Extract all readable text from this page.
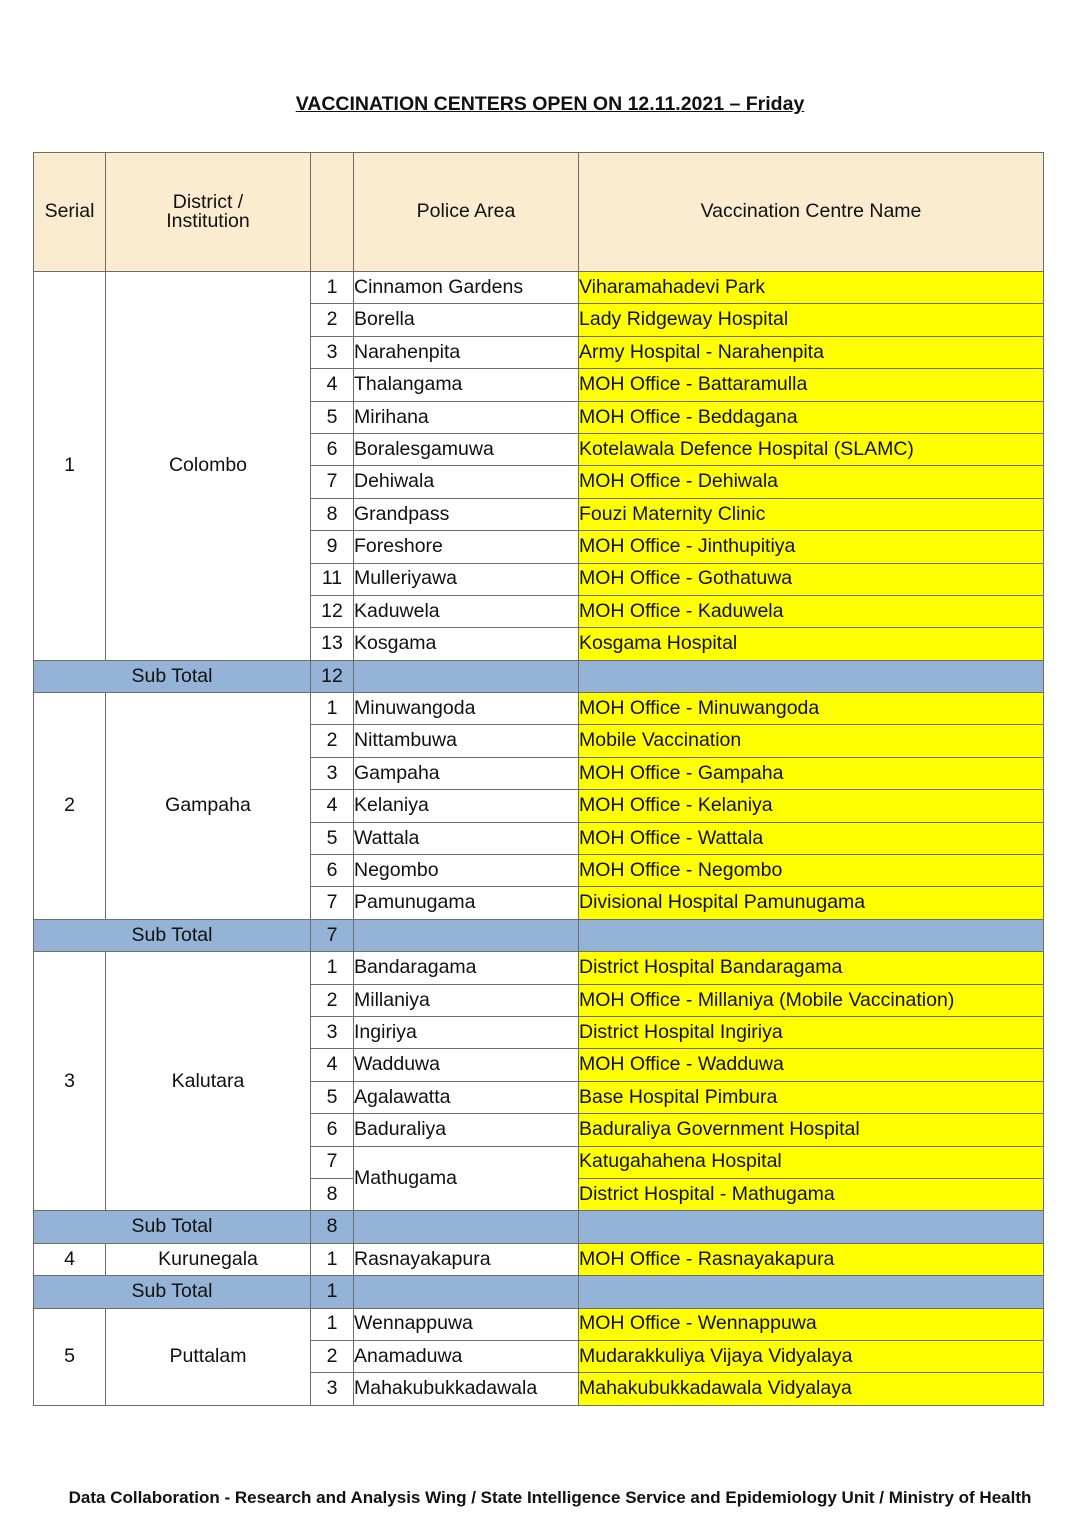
VACCINATION CENTERS OPEN ON 12.11.2021 – Friday
Serial	District /
Institution		Police Area	Vaccination Centre Name
1	Colombo	1	Cinnamon Gardens	Viharamahadevi Park
		2	Borella	Lady Ridgeway Hospital
		3	Narahenpita	Army Hospital - Narahenpita
		4	Thalangama	MOH Office - Battaramulla
		5	Mirihana	MOH Office - Beddagana
		6	Boralesgamuwa	Kotelawala Defence Hospital (SLAMC)
		7	Dehiwala	MOH Office - Dehiwala
		8	Grandpass	Fouzi Maternity Clinic
		9	Foreshore	MOH Office - Jinthupitiya
		11	Mulleriyawa	MOH Office - Gothatuwa
		12	Kaduwela	MOH Office - Kaduwela
		13	Kosgama	Kosgama Hospital
Sub Total		12		
2	Gampaha	1	Minuwangoda	MOH Office - Minuwangoda
		2	Nittambuwa	Mobile Vaccination
		3	Gampaha	MOH Office - Gampaha
		4	Kelaniya	MOH Office - Kelaniya
		5	Wattala	MOH Office - Wattala
		6	Negombo	MOH Office - Negombo
		7	Pamunugama	Divisional Hospital Pamunugama
Sub Total		7		
3	Kalutara	1	Bandaragama	District Hospital Bandaragama
		2	Millaniya	MOH Office - Millaniya (Mobile Vaccination)
		3	Ingiriya	District Hospital Ingiriya
		4	Wadduwa	MOH Office - Wadduwa
		5	Agalawatta	Base Hospital Pimbura
		6	Baduraliya	Baduraliya Government Hospital
		7	Mathugama	Katugahahena Hospital
		8		District Hospital - Mathugama
Sub Total		8		
4	Kurunegala	1	Rasnayakapura	MOH Office - Rasnayakapura
Sub Total		1		
5	Puttalam	1	Wennappuwa	MOH Office - Wennappuwa
		2	Anamaduwa	Mudarakkuliya Vijaya Vidyalaya
		3	Mahakubukkadawala	Mahakubukkadawala Vidyalaya
Data Collaboration - Research and Analysis Wing / State Intelligence Service and Epidemiology Unit / Ministry of Health
